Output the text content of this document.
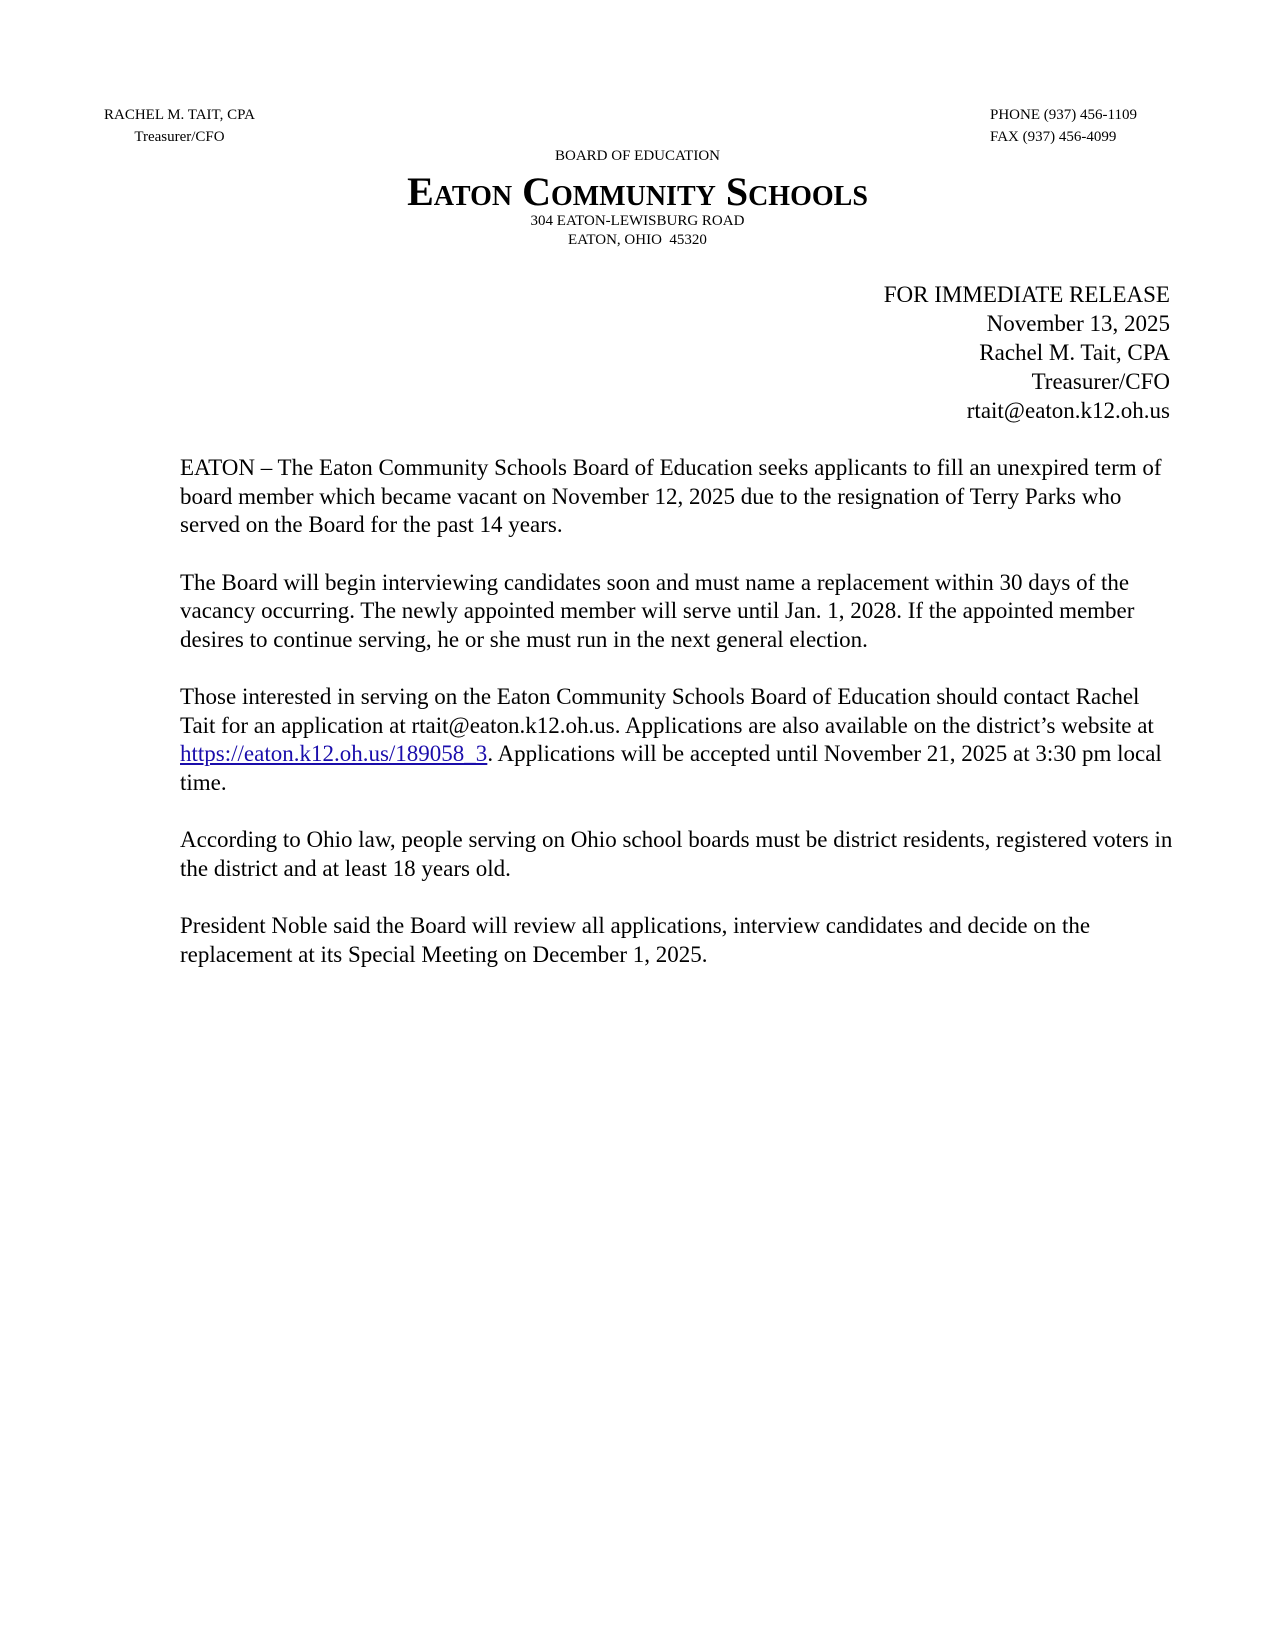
RACHEL M. TAIT, CPA
Treasurer/CFO
PHONE (937) 456-1109
FAX (937) 456-4099
BOARD OF EDUCATION
Eaton Community Schools
304 EATON-LEWISBURG ROAD
EATON, OHIO  45320
FOR IMMEDIATE RELEASE
November 13, 2025
Rachel M. Tait, CPA
Treasurer/CFO
rtait@eaton.k12.oh.us

EATON – The Eaton Community Schools Board of Education seeks applicants to fill an unexpired term of board member which became vacant on November 12, 2025 due to the resignation of Terry Parks who served on the Board for the past 14 years.

The Board will begin interviewing candidates soon and must name a replacement within 30 days of the vacancy occurring. The newly appointed member will serve until Jan. 1, 2028. If the appointed member desires to continue serving, he or she must run in the next general election.

Those interested in serving on the Eaton Community Schools Board of Education should contact Rachel Tait for an application at rtait@eaton.k12.oh.us. Applications are also available on the district’s website at https://eaton.k12.oh.us/189058_3. Applications will be accepted until November 21, 2025 at 3:30 pm local time.

According to Ohio law, people serving on Ohio school boards must be district residents, registered voters in the district and at least 18 years old.

President Noble said the Board will review all applications, interview candidates and decide on the replacement at its Special Meeting on December 1, 2025.
